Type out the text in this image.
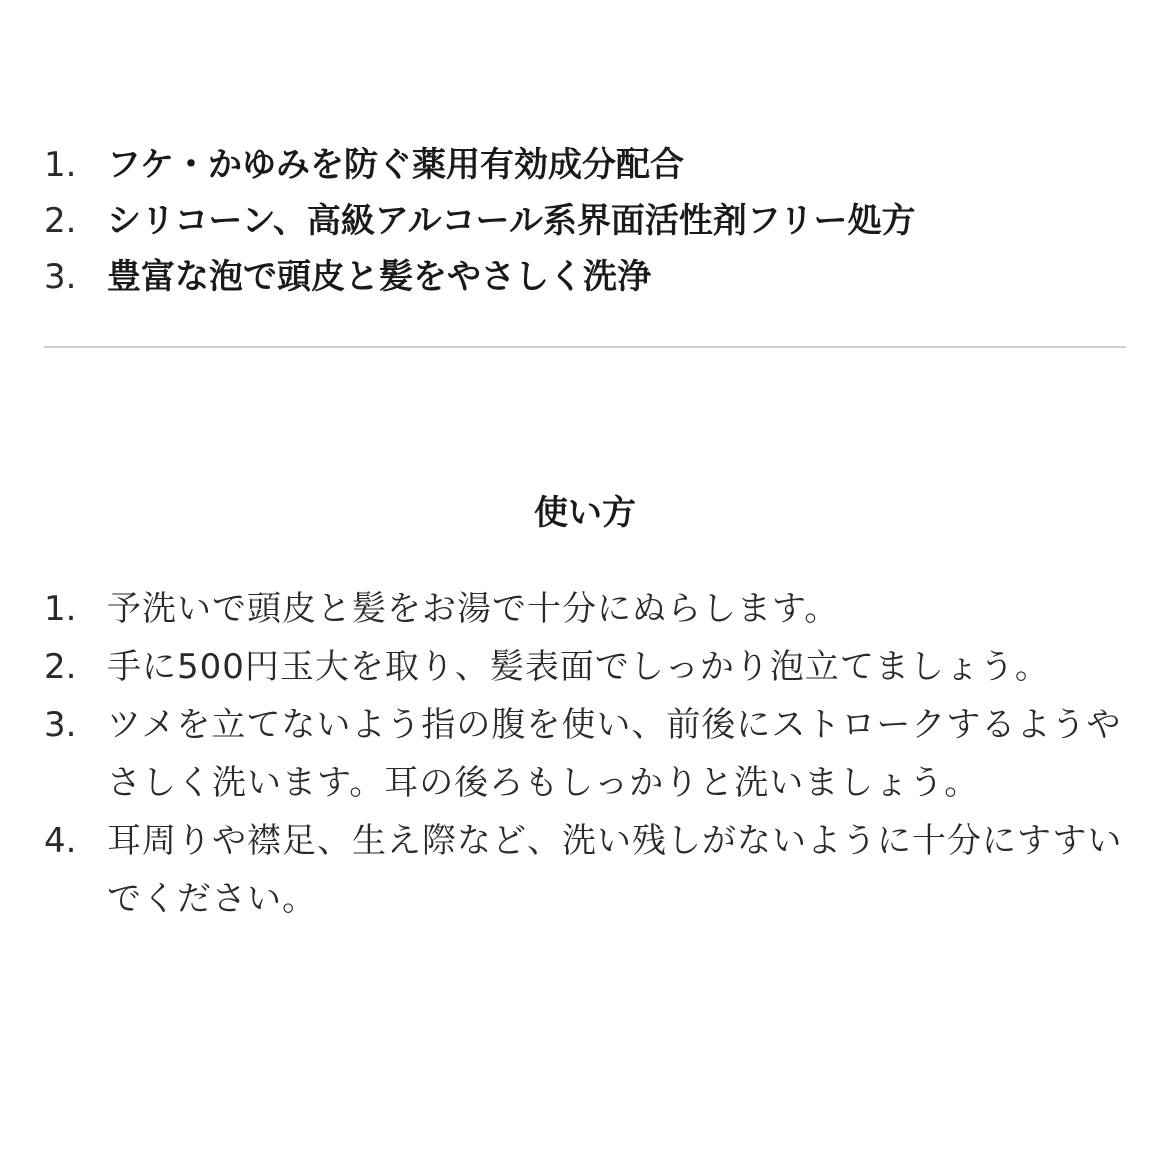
1. フケ・かゆみを防ぐ薬用有効成分配合
2. シリコーン、高級アルコール系界面活性剤フリー処方
3. 豊富な泡で頭皮と髪をやさしく洗浄
使い方
1. 予洗いで頭皮と髪をお湯で十分にぬらします。
2. 手に500円玉大を取り、髪表面でしっかり泡立てましょう。
3. ツメを立てないよう指の腹を使い、前後にストロークするようやさしく洗います。耳の後ろもしっかりと洗いましょう。
4. 耳周りや襟足、生え際など、洗い残しがないように十分にすすいでください。
